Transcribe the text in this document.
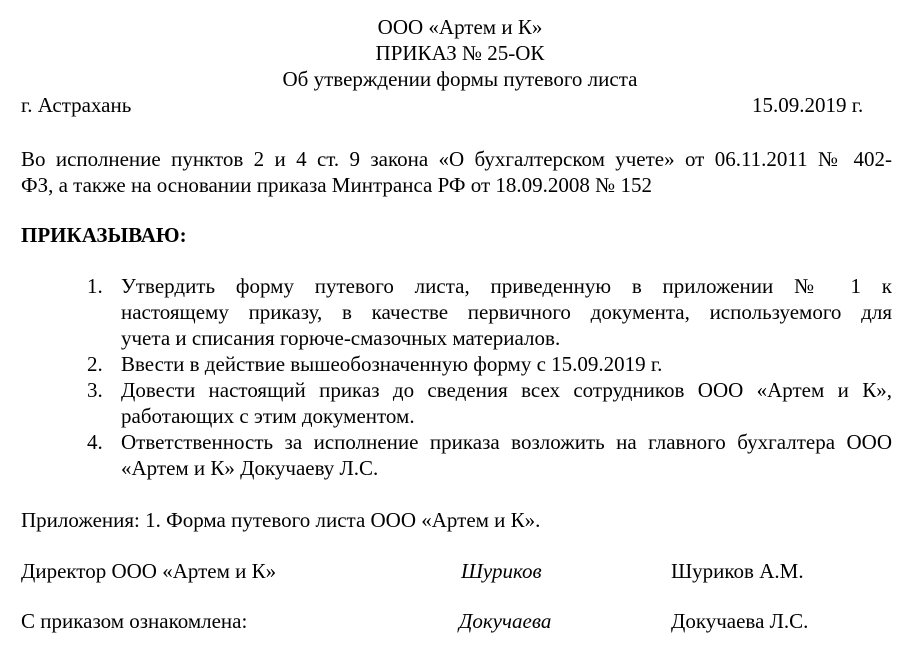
ООО «Артем и К»
ПРИКАЗ № 25-ОК
Об утверждении формы путевого листа
г. Астрахань	15.09.2019 г.
Во исполнение пунктов 2 и 4 ст. 9 закона «О бухгалтерском учете» от 06.11.2011 № 402-
ФЗ, а также на основании приказа Минтранса РФ от 18.09.2008 № 152
ПРИКАЗЫВАЮ:
1. Утвердить форму путевого листа, приведенную в приложении № 1 к
настоящему приказу, в качестве первичного документа, используемого для
учета и списания горюче-смазочных материалов.
2. Ввести в действие вышеобозначенную форму с 15.09.2019 г.
3. Довести настоящий приказ до сведения всех сотрудников ООО «Артем и К»,
работающих с этим документом.
4. Ответственность за исполнение приказа возложить на главного бухгалтера ООО
«Артем и К» Докучаеву Л.С.
Приложения: 1. Форма путевого листа ООО «Артем и К».
Директор ООО «Артем и К»	Шуриков	Шуриков А.М.
С приказом ознакомлена:	Докучаева	Докучаева Л.С.
